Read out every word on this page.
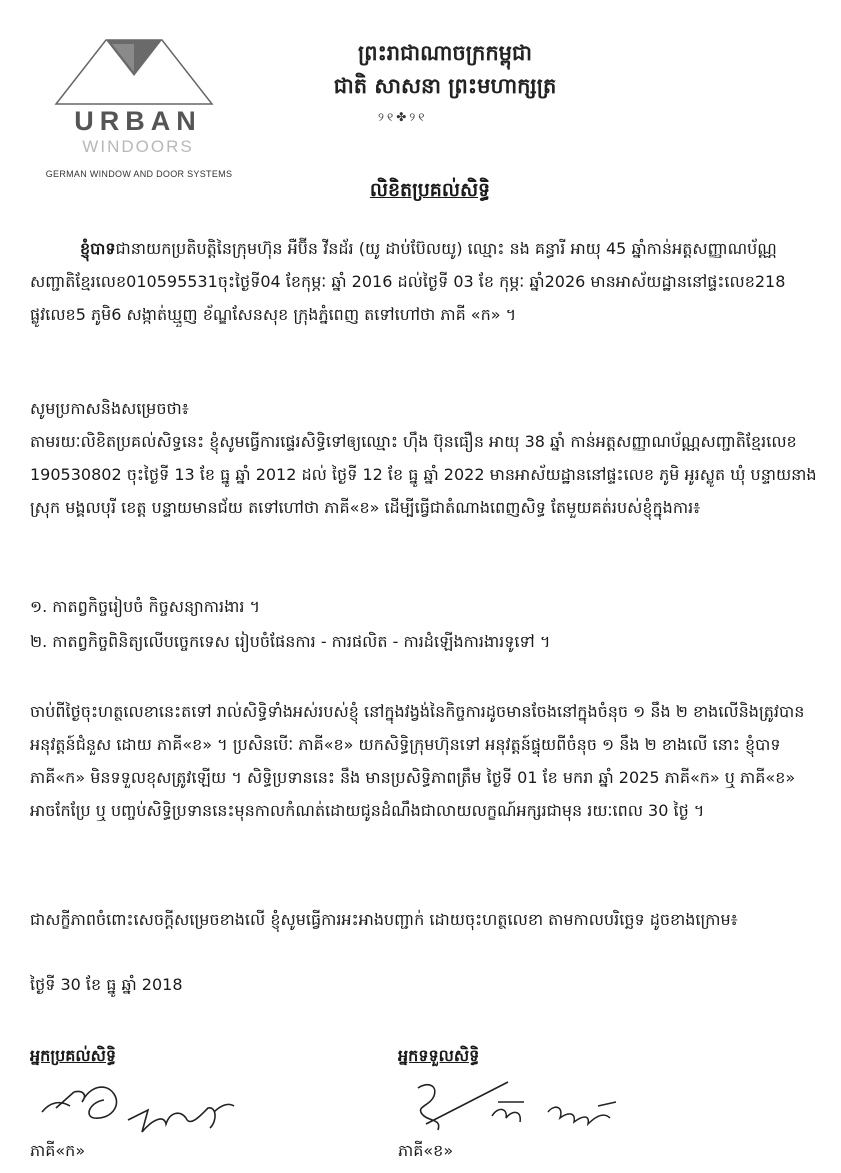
URBAN
WINDOORS
GERMAN WINDOW AND DOOR SYSTEMS
ព្រះរាជាណាចក្រកម្ពុជា
ជាតិ សាសនា ព្រះមហាក្សត្រ
୨୧✤୨୧
លិខិតប្រគល់សិទ្ធិ

ខ្ញុំបាទជានាយកប្រតិបត្តិនៃក្រុមហ៊ុន អឺប៊ីន វីនដ័រ (យូ ដាប់ប៊ែលយូ) ឈ្មោះ នង គន្ធារី អាយុ 45 ឆ្នាំកាន់អត្តសញ្ញាណប័ណ្ណសញ្ជាតិខ្មែរលេខ010595531ចុះថ្ងៃទី04 ខែកុម្ភៈ ឆ្នាំ 2016 ដល់ថ្ងៃទី 03 ខែ កុម្ភៈ ឆ្នាំ2026 មានអាស័យដ្ឋាននៅផ្ទះលេខ218 ផ្លូវលេខ5 ភូមិ6 សង្កាត់ឃ្មួញ ខ័ណ្ឌសែនសុខ ក្រុងភ្នំពេញ តទៅហៅថា ភាគី «ក» ។

សូមប្រកាសនិងសម្រេចថា៖

តាមរយៈលិខិតប្រគល់សិទ្ធនេះ ខ្ញុំសូមធ្វើការផ្ទេរសិទ្ធិទៅឲ្យឈ្មោះ ហ៊ឹង ប៊ុនធឿន អាយុ 38 ឆ្នាំ កាន់អត្តសញ្ញាណប័ណ្ណសញ្ជាតិខ្មែរលេខ 190530802 ចុះថ្ងៃទី 13 ខែ ធ្នូ ឆ្នាំ 2012 ដល់ ថ្ងៃទី 12 ខែ ធ្នូ ឆ្នាំ 2022 មានអាស័យដ្ឋាននៅផ្ទះលេខ ភូមិ អូរស្លូត ឃុំ បន្ទាយនាង ស្រុក មង្គលបុរី ខេត្ត បន្ទាយមានជ័យ តទៅហៅថា ភាគី«ខ» ដើម្បីធ្វើជាតំណាងពេញសិទ្ធ តែមួយគត់របស់ខ្ញុំក្នុងការ៖

១. កាតព្វកិច្ចរៀបចំ កិច្ចសន្យាការងារ ។

២. កាតព្វកិច្ចពិនិត្យលើបច្ចេកទេស រៀបចំផែនការ - ការផលិត - ការដំឡើងការងារទូទៅ ។

ចាប់ពីថ្ងៃចុះហត្ថលេខានេះតទៅ រាល់សិទ្ធិទាំងអស់របស់ខ្ញុំ នៅក្នុងវង្វង់នៃកិច្ចការដូចមានចែងនៅក្នុងចំនុច ១ នឹង ២ ខាងលើនិងត្រូវបានអនុវត្តន៍ជំនួស ដោយ ភាគី«ខ» ។ ប្រសិនបើៈ ភាគី«ខ» យកសិទ្ធិក្រុមហ៊ុនទៅ អនុវត្តន៍ផ្ទុយពីចំនុច ១ នឹង ២ ខាងលើ នោះ ខ្ញុំបាទ ភាគី«ក» មិនទទួលខុសត្រូវឡើយ ។ សិទ្ធិប្រទាននេះ នឹង មានប្រសិទ្ធិភាពត្រឹម ថ្ងៃទី 01 ខែ មករា ឆ្នាំ 2025 ភាគី«ក» ឬ ភាគី«ខ» អាចកែប្រែ ឬ បញ្ចប់សិទ្ធិប្រទាននេះមុនកាលកំណត់ដោយជូនដំណឹងជាលាយលក្ខណ៍អក្សរជាមុន រយៈពេល 30 ថ្ងៃ ។

ជាសក្ខីភាពចំពោះសេចក្តីសម្រេចខាងលើ ខ្ញុំសូមធ្វើការអះអាងបញ្ជាក់ ដោយចុះហត្ថលេខា តាមកាលបរិច្ឆេទ ដូចខាងក្រោម៖

ថ្ងៃទី 30 ខែ ធ្នូ ឆ្នាំ 2018

អ្នកប្រគល់សិទ្ធិ
ភាគី«ក»
អ្នកទទួលសិទ្ធិ
ភាគី«ខ»
